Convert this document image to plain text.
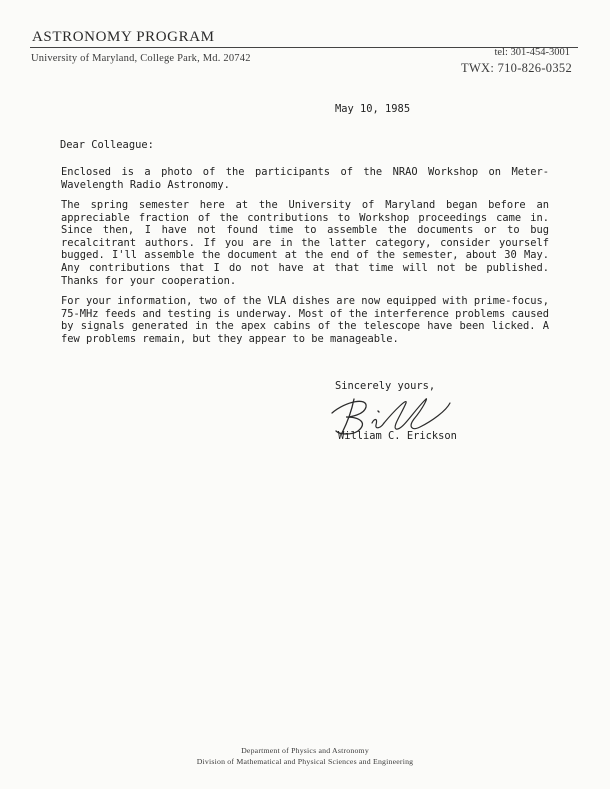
ASTRONOMY PROGRAM
University of Maryland, College Park, Md. 20742
tel: 301-454-3001
TWX: 710-826-0352
May 10, 1985
Dear Colleague:

Enclosed is a photo of the participants of the NRAO Workshop on Meter-Wavelength Radio Astronomy.

The spring semester here at the University of Maryland began before an appreciable fraction of the contributions to Workshop proceedings came in. Since then, I have not found time to assemble the documents or to bug recalcitrant authors. If you are in the latter category, consider yourself bugged. I'll assemble the document at the end of the semester, about 30 May. Any contributions that I do not have at that time will not be published. Thanks for your cooperation.

For your information, two of the VLA dishes are now equipped with prime-focus, 75-MHz feeds and testing is underway. Most of the interference problems caused by signals generated in the apex cabins of the telescope have been licked. A few problems remain, but they appear to be manageable.

Sincerely yours,
William C. Erickson
Department of Physics and Astronomy
Division of Mathematical and Physical Sciences and Engineering
